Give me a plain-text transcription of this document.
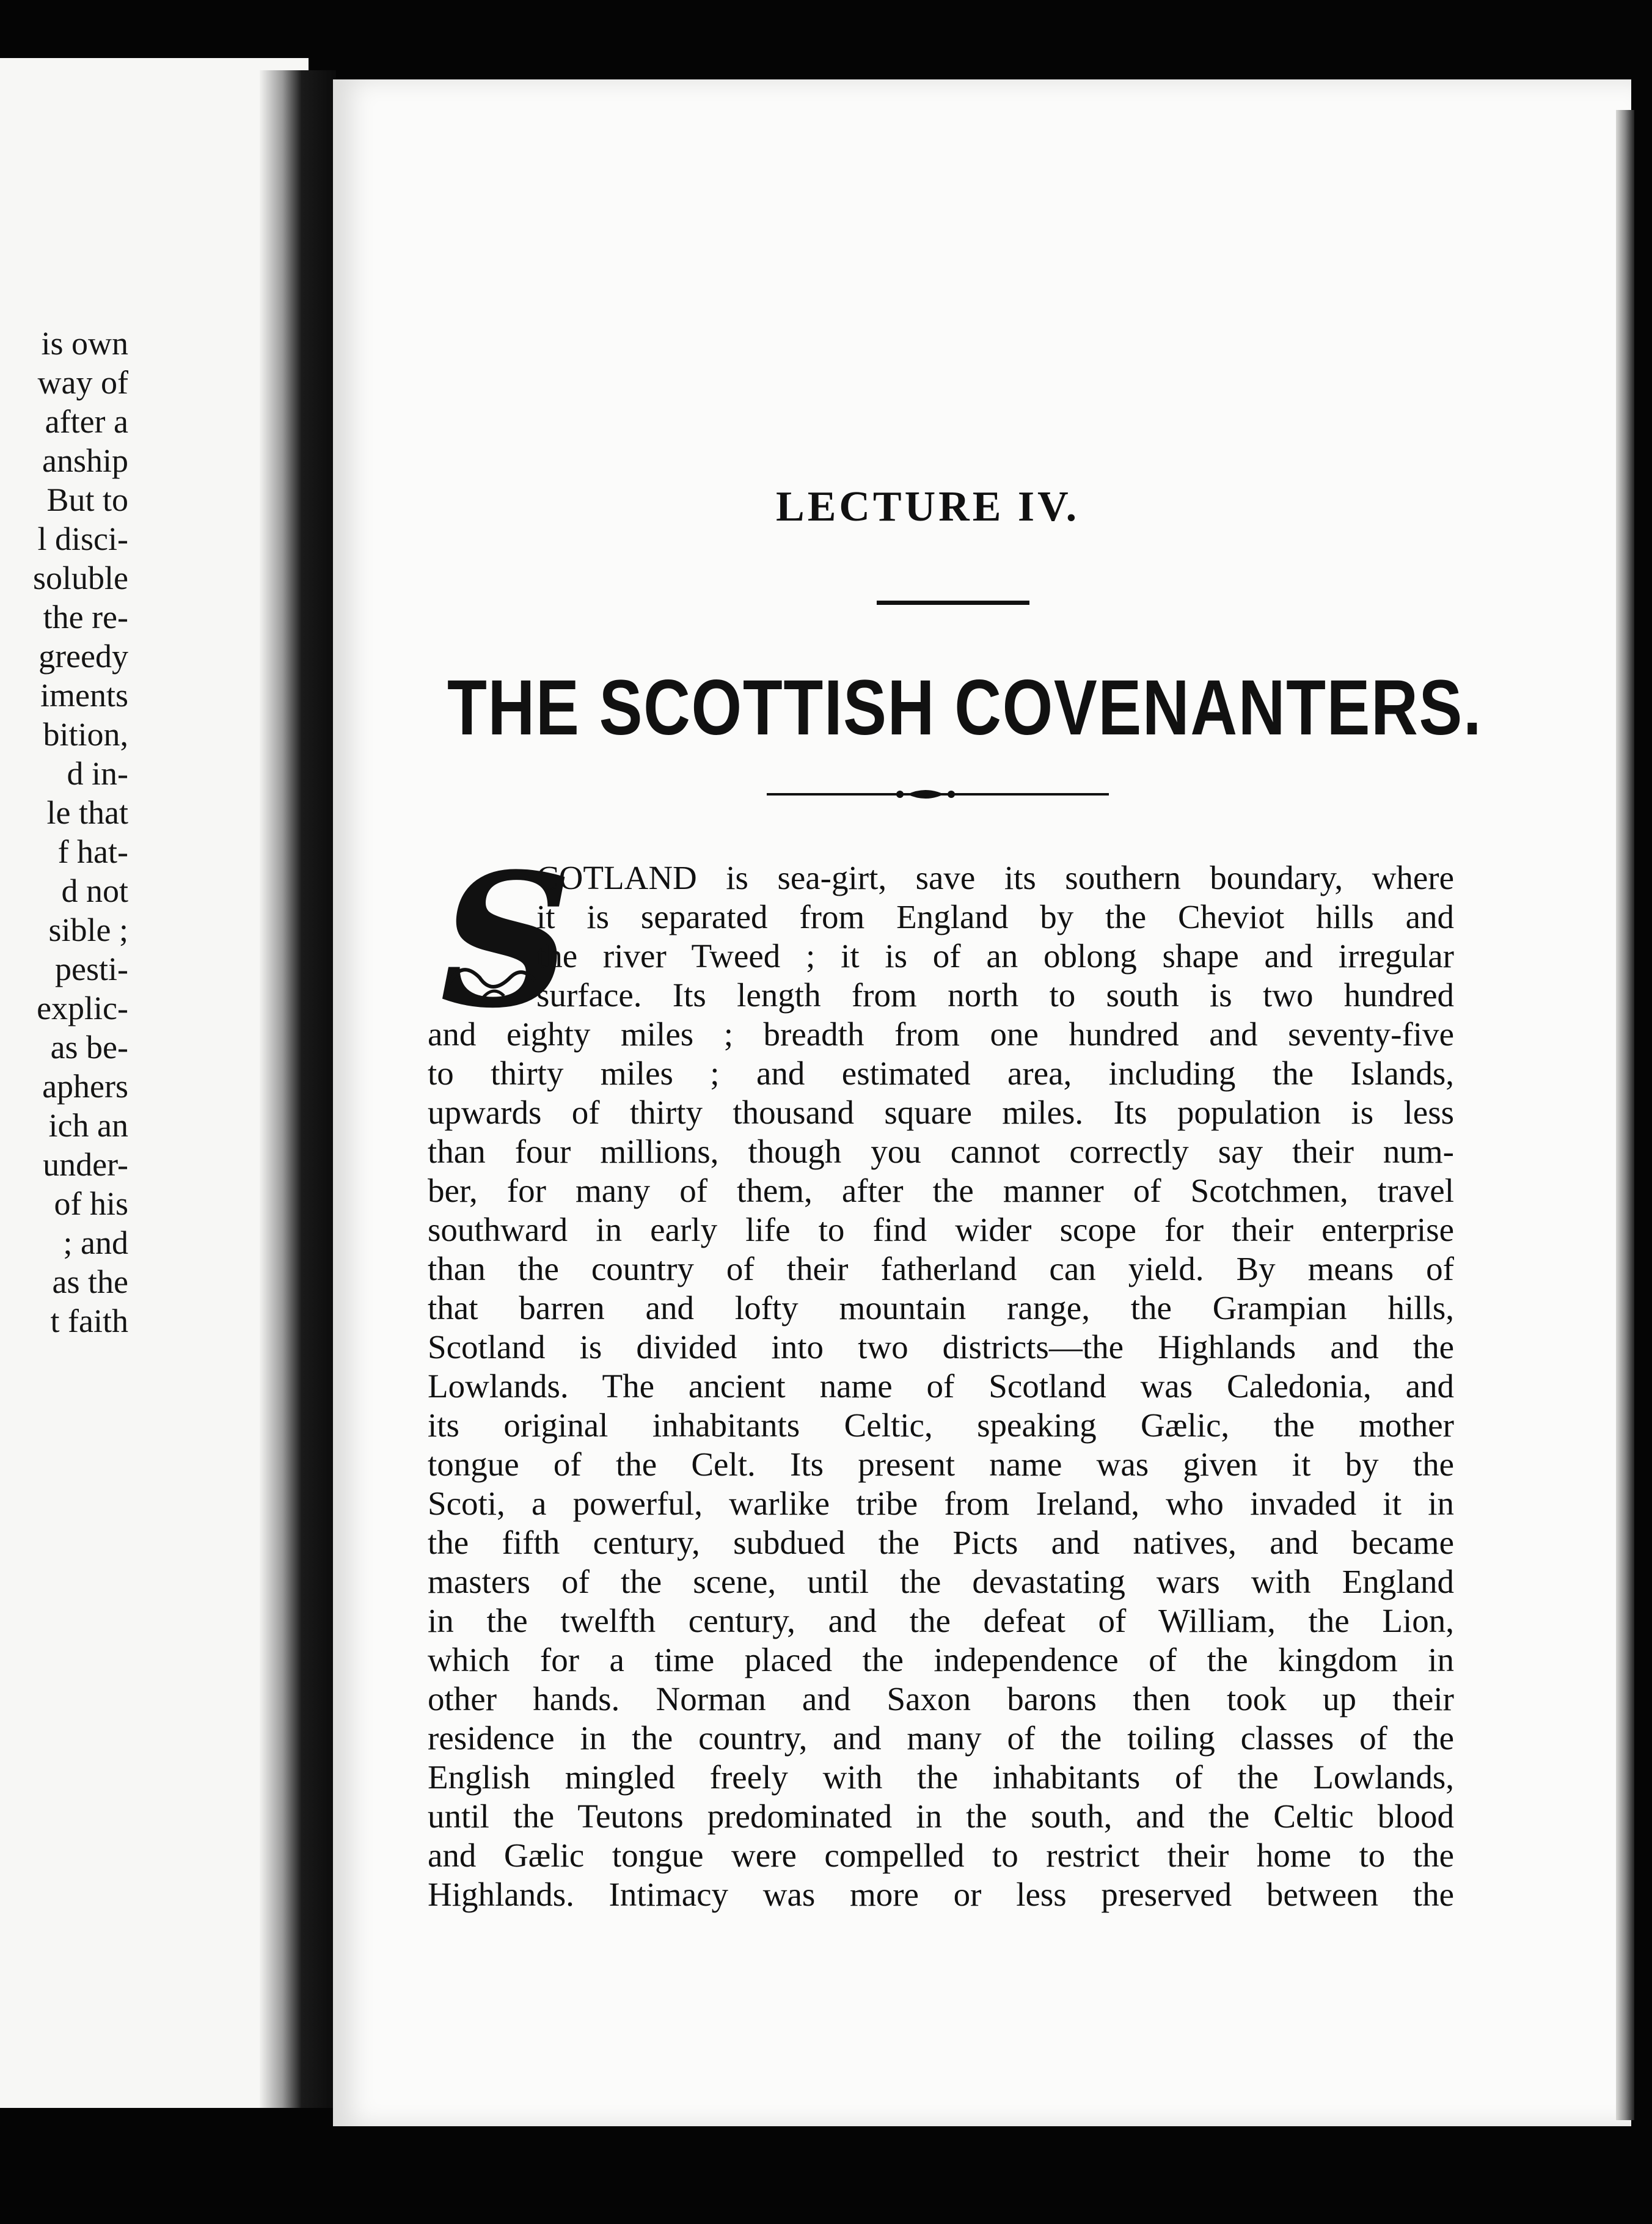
is own
way of
after a
anship
But to
l disci-
soluble
the re-
greedy
iments
bition,
d in-
le that
f hat-
d not
sible ;
pesti-
explic-
as be-
aphers
ich an
under-
of his
; and
as the
t faith
LECTURE IV.
THE SCOTTISH COVENANTERS.
S
COTLAND is sea-girt, save its southern boundary, where
it is separated from England by the Cheviot hills and
the river Tweed ; it is of an oblong shape and irregular
surface. Its length from north to south is two hundred
and eighty miles ; breadth from one hundred and seventy-five
to thirty miles ; and estimated area, including the Islands,
upwards of thirty thousand square miles. Its population is less
than four millions, though you cannot correctly say their num-
ber, for many of them, after the manner of Scotchmen, travel
southward in early life to find wider scope for their enterprise
than the country of their fatherland can yield. By means of
that barren and lofty mountain range, the Grampian hills,
Scotland is divided into two districts—the Highlands and the
Lowlands. The ancient name of Scotland was Caledonia, and
its original inhabitants Celtic, speaking Gælic, the mother
tongue of the Celt. Its present name was given it by the
Scoti, a powerful, warlike tribe from Ireland, who invaded it in
the fifth century, subdued the Picts and natives, and became
masters of the scene, until the devastating wars with England
in the twelfth century, and the defeat of William, the Lion,
which for a time placed the independence of the kingdom in
other hands. Norman and Saxon barons then took up their
residence in the country, and many of the toiling classes of the
English mingled freely with the inhabitants of the Lowlands,
until the Teutons predominated in the south, and the Celtic blood
and Gælic tongue were compelled to restrict their home to the
Highlands. Intimacy was more or less preserved between the
